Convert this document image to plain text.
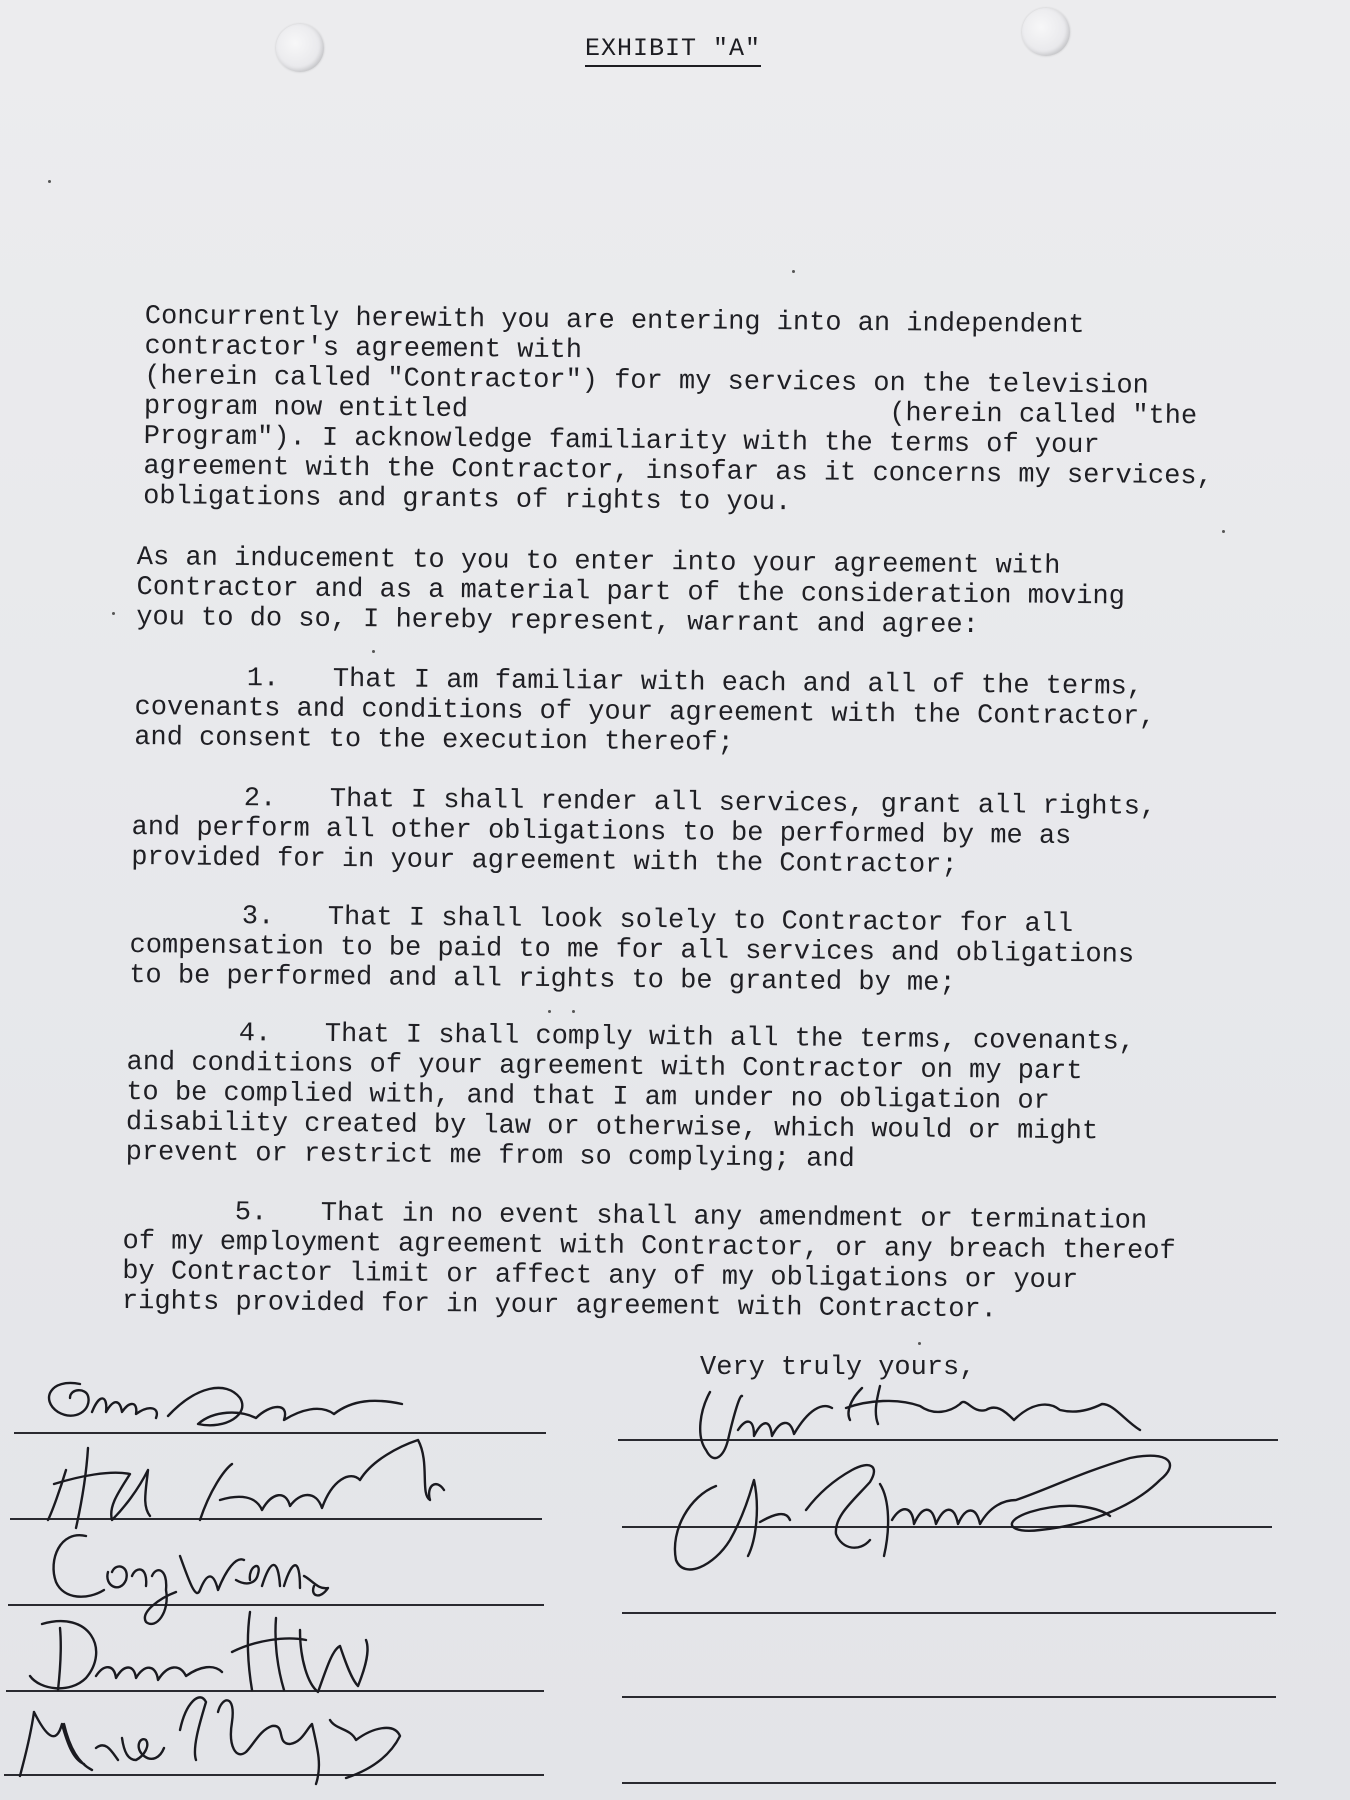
EXHIBIT "A"
Concurrently herewith you are entering into an independent
contractor's agreement with
(herein called "Contractor") for my services on the television
program now entitled                          (herein called "the
Program"). I acknowledge familiarity with the terms of your
agreement with the Contractor, insofar as it concerns my services,
obligations and grants of rights to you.
As an inducement to you to enter into your agreement with
Contractor and as a material part of the consideration moving
you to do so, I hereby represent, warrant and agree:
1. That I am familiar with each and all of the terms,
covenants and conditions of your agreement with the Contractor,
and consent to the execution thereof;
2. That I shall render all services, grant all rights,
and perform all other obligations to be performed by me as
provided for in your agreement with the Contractor;
3. That I shall look solely to Contractor for all
compensation to be paid to me for all services and obligations
to be performed and all rights to be granted by me;
4. That I shall comply with all the terms, covenants,
and conditions of your agreement with Contractor on my part
to be complied with, and that I am under no obligation or
disability created by law or otherwise, which would or might
prevent or restrict me from so complying; and
5. That in no event shall any amendment or termination
of my employment agreement with Contractor, or any breach thereof
by Contractor limit or affect any of my obligations or your
rights provided for in your agreement with Contractor.
Very truly yours,
